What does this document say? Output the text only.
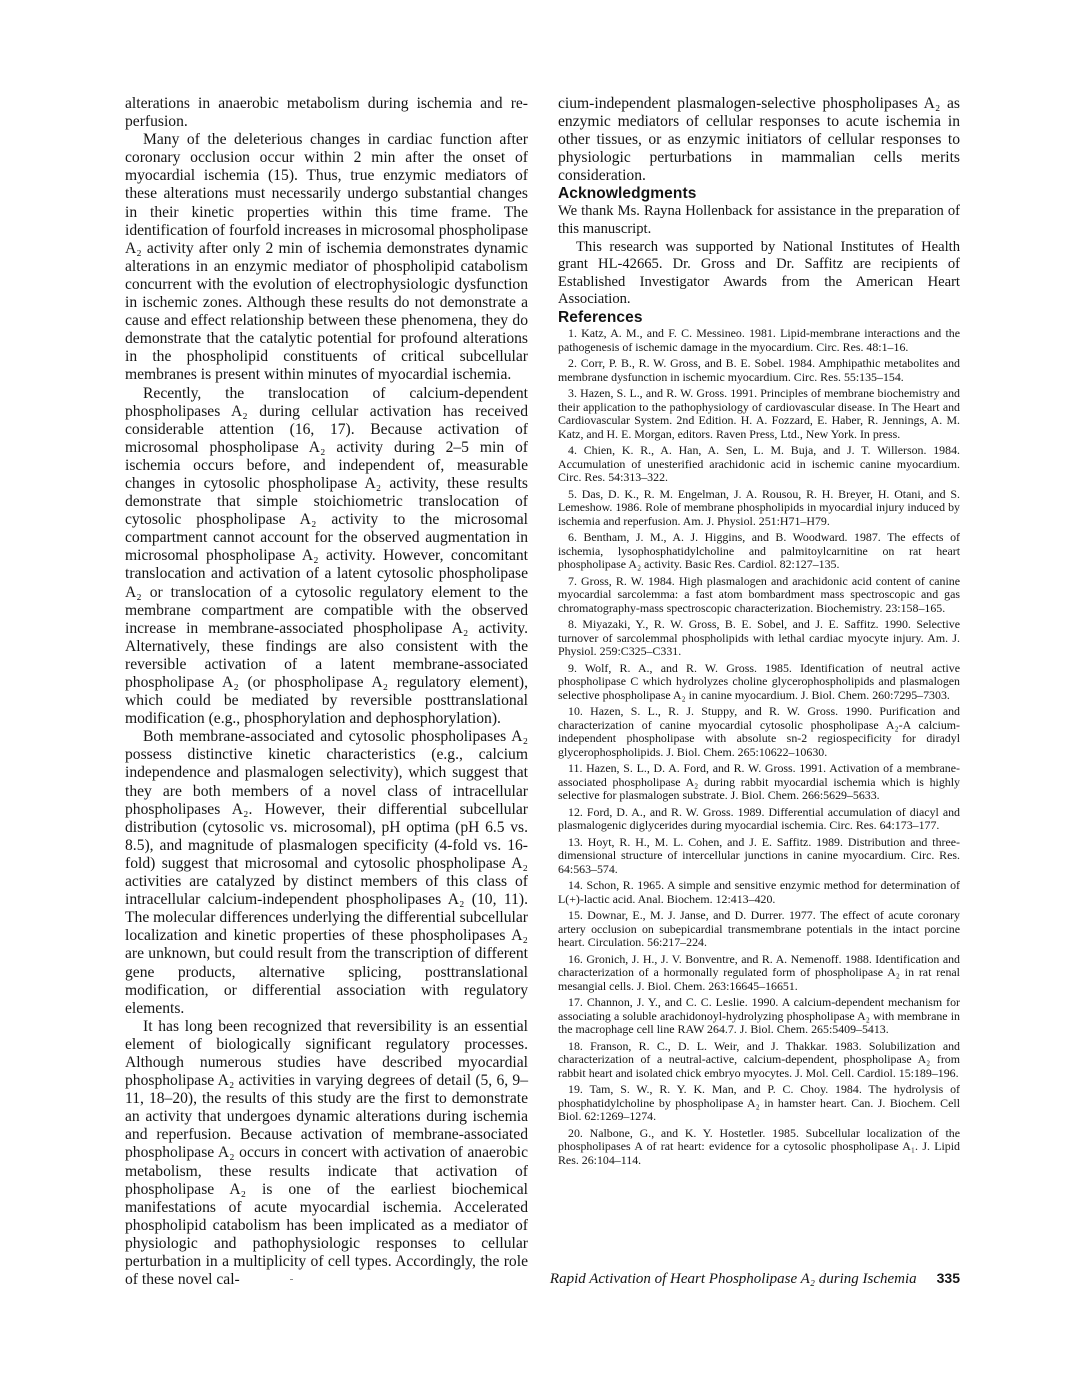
alterations in anaerobic metabolism during ischemia and re-perfusion.

Many of the deleterious changes in cardiac function after coronary occlusion occur within 2 min after the onset of myocardial ischemia (15). Thus, true enzymic mediators of these alterations must necessarily undergo substantial changes in their kinetic properties within this time frame. The identification of fourfold increases in microsomal phospholipase A₂ activity after only 2 min of ischemia demonstrates dynamic alterations in an enzymic mediator of phospholipid catabolism concurrent with the evolution of electrophysiologic dysfunction in ischemic zones. Although these results do not demonstrate a cause and effect relationship between these phenomena, they do demonstrate that the catalytic potential for profound alterations in the phospholipid constituents of critical subcellular membranes is present within minutes of myocardial ischemia.

Recently, the translocation of calcium-dependent phospholipases A₂ during cellular activation has received considerable attention (16, 17). Because activation of microsomal phospholipase A₂ activity during 2–5 min of ischemia occurs before, and independent of, measurable changes in cytosolic phospholipase A₂ activity, these results demonstrate that simple stoichiometric translocation of cytosolic phospholipase A₂ activity to the microsomal compartment cannot account for the observed augmentation in microsomal phospholipase A₂ activity. However, concomitant translocation and activation of a latent cytosolic phospholipase A₂ or translocation of a cytosolic regulatory element to the membrane compartment are compatible with the observed increase in membrane-associated phospholipase A₂ activity. Alternatively, these findings are also consistent with the reversible activation of a latent membrane-associated phospholipase A₂ (or phospholipase A₂ regulatory element), which could be mediated by reversible posttranslational modification (e.g., phosphorylation and dephosphorylation).

Both membrane-associated and cytosolic phospholipases A₂ possess distinctive kinetic characteristics (e.g., calcium independence and plasmalogen selectivity), which suggest that they are both members of a novel class of intracellular phospholipases A₂. However, their differential subcellular distribution (cytosolic vs. microsomal), pH optima (pH 6.5 vs. 8.5), and magnitude of plasmalogen specificity (4-fold vs. 16-fold) suggest that microsomal and cytosolic phospholipase A₂ activities are catalyzed by distinct members of this class of intracellular calcium-independent phospholipases A₂ (10, 11). The molecular differences underlying the differential subcellular localization and kinetic properties of these phospholipases A₂ are unknown, but could result from the transcription of different gene products, alternative splicing, posttranslational modification, or differential association with regulatory elements.

It has long been recognized that reversibility is an essential element of biologically significant regulatory processes. Although numerous studies have described myocardial phospholipase A₂ activities in varying degrees of detail (5, 6, 9–11, 18–20), the results of this study are the first to demonstrate an activity that undergoes dynamic alterations during ischemia and reperfusion. Because activation of membrane-associated phospholipase A₂ occurs in concert with activation of anaerobic metabolism, these results indicate that activation of phospholipase A₂ is one of the earliest biochemical manifestations of acute myocardial ischemia. Accelerated phospholipid catabolism has been implicated as a mediator of physiologic and pathophysiologic responses to cellular perturbation in a multiplicity of cell types. Accordingly, the role of these novel cal-

cium-independent plasmalogen-selective phospholipases A₂ as enzymic mediators of cellular responses to acute ischemia in other tissues, or as enzymic initiators of cellular responses to physiologic perturbations in mammalian cells merits consideration.

Acknowledgments

We thank Ms. Rayna Hollenback for assistance in the preparation of this manuscript.

This research was supported by National Institutes of Health grant HL-42665. Dr. Gross and Dr. Saffitz are recipients of Established Investigator Awards from the American Heart Association.

References
1. Katz, A. M., and F. C. Messineo. 1981. Lipid-membrane interactions and the pathogenesis of ischemic damage in the myocardium. Circ. Res. 48:1–16.
2. Corr, P. B., R. W. Gross, and B. E. Sobel. 1984. Amphipathic metabolites and membrane dysfunction in ischemic myocardium. Circ. Res. 55:135–154.
3. Hazen, S. L., and R. W. Gross. 1991. Principles of membrane biochemistry and their application to the pathophysiology of cardiovascular disease. In The Heart and Cardiovascular System. 2nd Edition. H. A. Fozzard, E. Haber, R. Jennings, A. M. Katz, and H. E. Morgan, editors. Raven Press, Ltd., New York. In press.
4. Chien, K. R., A. Han, A. Sen, L. M. Buja, and J. T. Willerson. 1984. Accumulation of unesterified arachidonic acid in ischemic canine myocardium. Circ. Res. 54:313–322.
5. Das, D. K., R. M. Engelman, J. A. Rousou, R. H. Breyer, H. Otani, and S. Lemeshow. 1986. Role of membrane phospholipids in myocardial injury induced by ischemia and reperfusion. Am. J. Physiol. 251:H71–H79.
6. Bentham, J. M., A. J. Higgins, and B. Woodward. 1987. The effects of ischemia, lysophosphatidylcholine and palmitoylcarnitine on rat heart phospholipase A₂ activity. Basic Res. Cardiol. 82:127–135.
7. Gross, R. W. 1984. High plasmalogen and arachidonic acid content of canine myocardial sarcolemma: a fast atom bombardment mass spectroscopic and gas chromatography-mass spectroscopic characterization. Biochemistry. 23:158–165.
8. Miyazaki, Y., R. W. Gross, B. E. Sobel, and J. E. Saffitz. 1990. Selective turnover of sarcolemmal phospholipids with lethal cardiac myocyte injury. Am. J. Physiol. 259:C325–C331.
9. Wolf, R. A., and R. W. Gross. 1985. Identification of neutral active phospholipase C which hydrolyzes choline glycerophospholipids and plasmalogen selective phospholipase A₂ in canine myocardium. J. Biol. Chem. 260:7295–7303.
10. Hazen, S. L., R. J. Stuppy, and R. W. Gross. 1990. Purification and characterization of canine myocardial cytosolic phospholipase A₂-A calcium-independent phospholipase with absolute sn-2 regiospecificity for diradyl glycerophospholipids. J. Biol. Chem. 265:10622–10630.
11. Hazen, S. L., D. A. Ford, and R. W. Gross. 1991. Activation of a membrane-associated phospholipase A₂ during rabbit myocardial ischemia which is highly selective for plasmalogen substrate. J. Biol. Chem. 266:5629–5633.
12. Ford, D. A., and R. W. Gross. 1989. Differential accumulation of diacyl and plasmalogenic diglycerides during myocardial ischemia. Circ. Res. 64:173–177.
13. Hoyt, R. H., M. L. Cohen, and J. E. Saffitz. 1989. Distribution and three-dimensional structure of intercellular junctions in canine myocardium. Circ. Res. 64:563–574.
14. Schon, R. 1965. A simple and sensitive enzymic method for determination of L(+)-lactic acid. Anal. Biochem. 12:413–420.
15. Downar, E., M. J. Janse, and D. Durrer. 1977. The effect of acute coronary artery occlusion on subepicardial transmembrane potentials in the intact porcine heart. Circulation. 56:217–224.
16. Gronich, J. H., J. V. Bonventre, and R. A. Nemenoff. 1988. Identification and characterization of a hormonally regulated form of phospholipase A₂ in rat renal mesangial cells. J. Biol. Chem. 263:16645–16651.
17. Channon, J. Y., and C. C. Leslie. 1990. A calcium-dependent mechanism for associating a soluble arachidonoyl-hydrolyzing phospholipase A₂ with membrane in the macrophage cell line RAW 264.7. J. Biol. Chem. 265:5409–5413.
18. Franson, R. C., D. L. Weir, and J. Thakkar. 1983. Solubilization and characterization of a neutral-active, calcium-dependent, phospholipase A₂ from rabbit heart and isolated chick embryo myocytes. J. Mol. Cell. Cardiol. 15:189–196.
19. Tam, S. W., R. Y. K. Man, and P. C. Choy. 1984. The hydrolysis of phosphatidylcholine by phospholipase A₂ in hamster heart. Can. J. Biochem. Cell Biol. 62:1269–1274.
20. Nalbone, G., and K. Y. Hostetler. 1985. Subcellular localization of the phospholipases A of rat heart: evidence for a cytosolic phospholipase A₁. J. Lipid Res. 26:104–114.
Rapid Activation of Heart Phospholipase A₂ during Ischemia 335
